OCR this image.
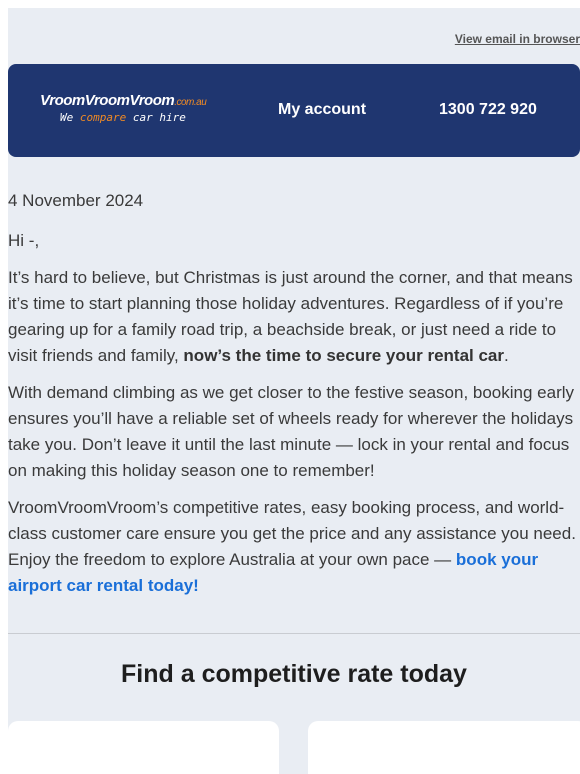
View email in browser
VroomVroomVroom.com.au
We compare car hire	My account	1300 722 920

4 November 2024

Hi -,

It’s hard to believe, but Christmas is just around the corner, and that means it’s time to start planning those holiday adventures. Regardless of if you’re gearing up for a family road trip, a beachside break, or just need a ride to visit friends and family, now’s the time to secure your rental car.

With demand climbing as we get closer to the festive season, booking early ensures you’ll have a reliable set of wheels ready for wherever the holidays take you. Don’t leave it until the last minute — lock in your rental and focus on making this holiday season one to remember!

VroomVroomVroom’s competitive rates, easy booking process, and world-class customer care ensure you get the price and any assistance you need. Enjoy the freedom to explore Australia at your own pace — book your airport car rental today!

Find a competitive rate today
